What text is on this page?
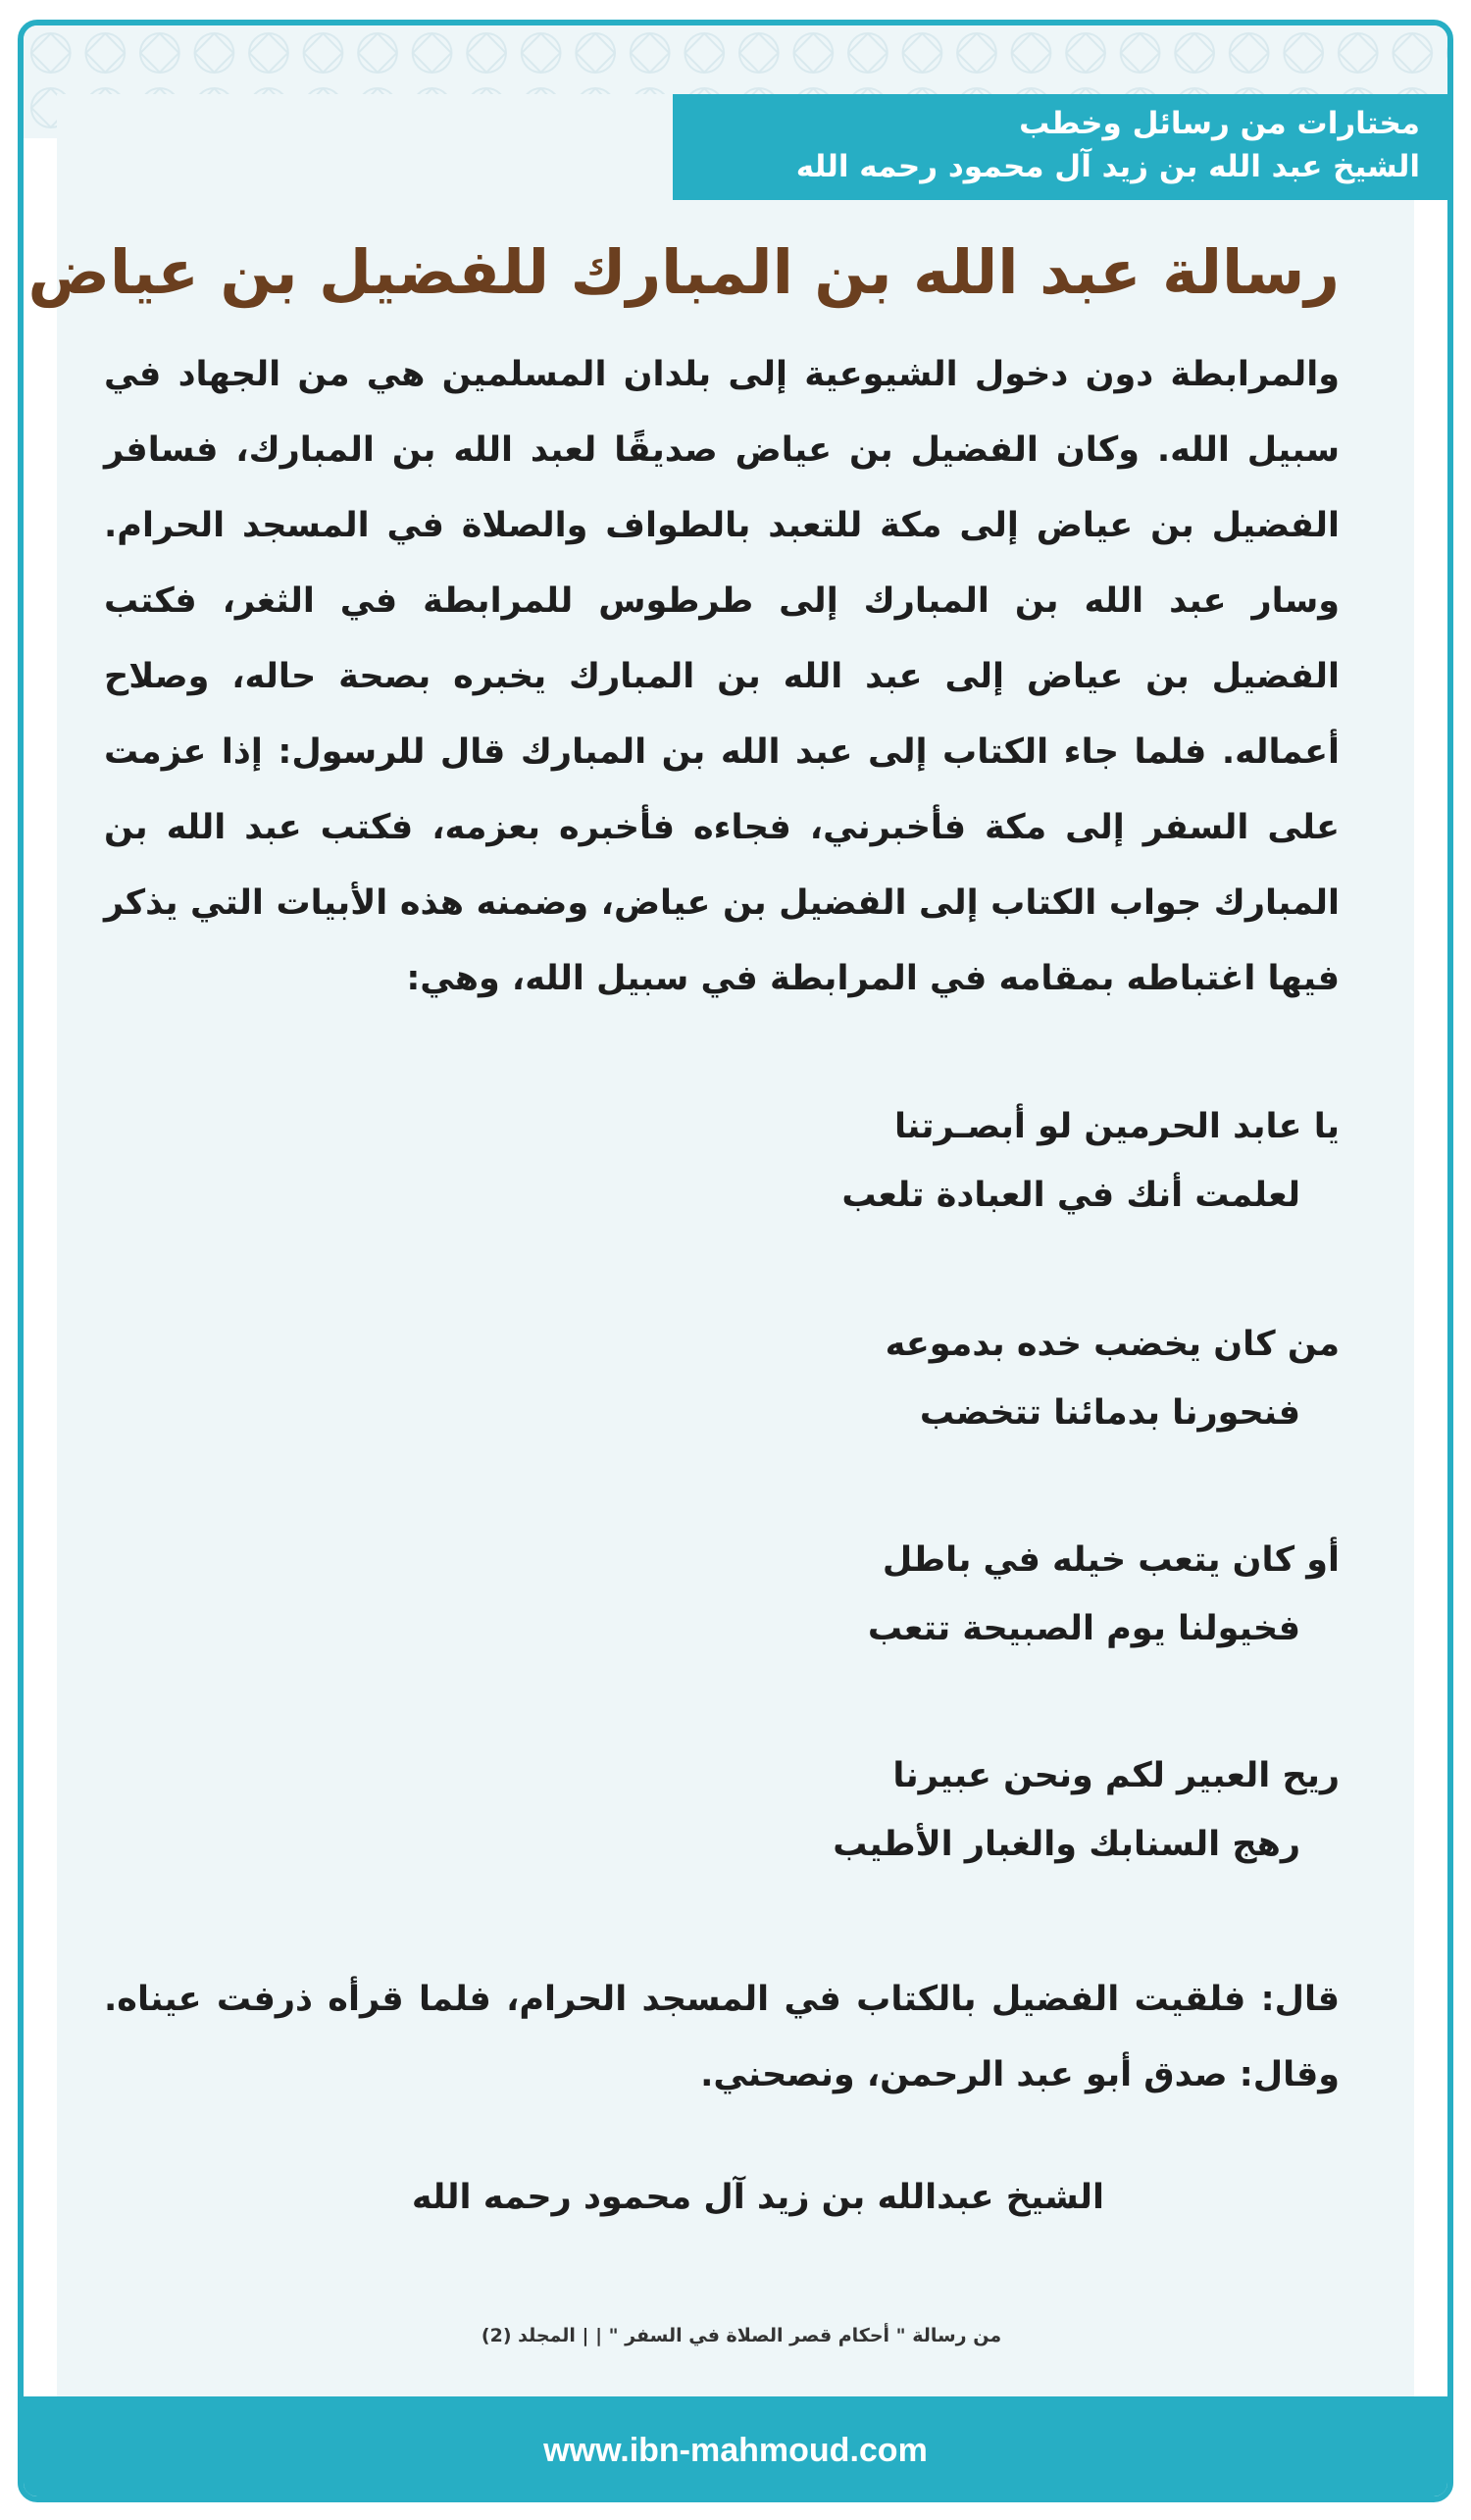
مختارات من رسائل وخطب
الشيخ عبد الله بن زيد آل محمود رحمه الله
رسالة عبد الله بن المبارك للفضيل بن عياض
والمرابطة دون دخول الشيوعية إلى بلدان المسلمين هي من الجهاد في سبيل الله. وكان الفضيل بن عياض صديقًا لعبد الله بن المبارك، فسافر الفضيل بن عياض إلى مكة للتعبد بالطواف والصلاة في المسجد الحرام. وسار عبد الله بن المبارك إلى طرطوس للمرابطة في الثغر، فكتب الفضيل بن عياض إلى عبد الله بن المبارك يخبره بصحة حاله، وصلاح أعماله. فلما جاء الكتاب إلى عبد الله بن المبارك قال للرسول: إذا عزمت على السفر إلى مكة فأخبرني، فجاءه فأخبره بعزمه، فكتب عبد الله بن المبارك جواب الكتاب إلى الفضيل بن عياض، وضمنه هذه الأبيات التي يذكر فيها اغتباطه بمقامه في المرابطة في سبيل الله، وهي:
يا عابد الحرمين لو أبصـرتنا
لعلمت أنك في العبادة تلعب
من كان يخضب خده بدموعه
فنحورنا بدمائنا تتخضب
أو كان يتعب خيله في باطل
فخيولنا يوم الصبيحة تتعب
ريح العبير لكم ونحن عبيرنا
رهج السنابك والغبار الأطيب
قال: فلقيت الفضيل بالكتاب في المسجد الحرام، فلما قرأه ذرفت عيناه. وقال: صدق أبو عبد الرحمن، ونصحني.
الشيخ عبدالله بن زيد آل محمود رحمه الله
من رسالة " أحكام قصر الصلاة في السفر " | | المجلد (2)
www.ibn-mahmoud.com
